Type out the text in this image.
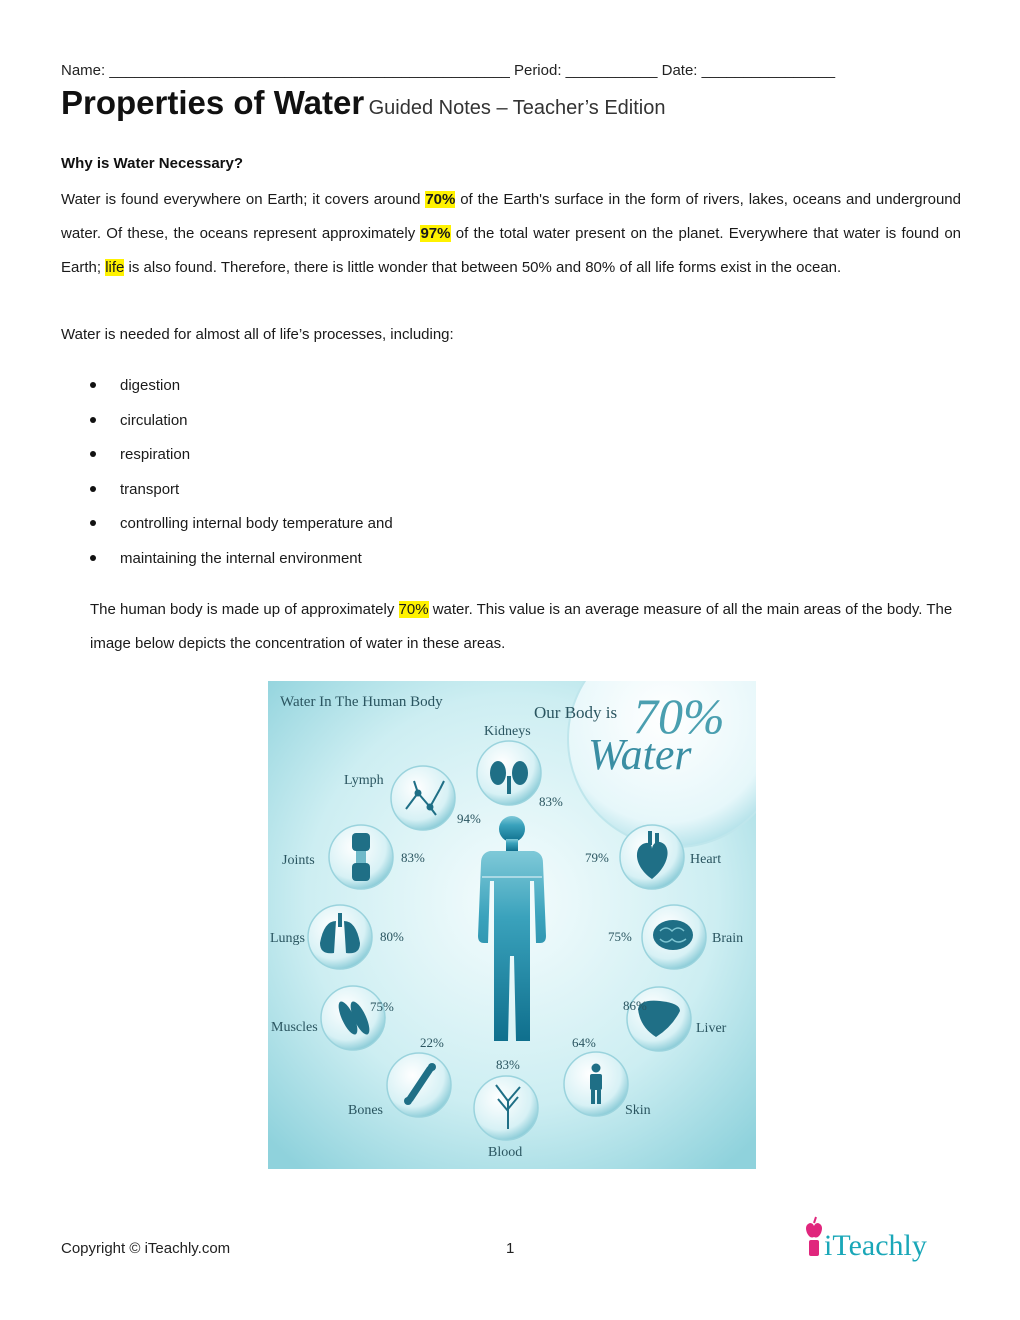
Name: ________________________________________________ Period: ___________ Date: ________________
Properties of Water Guided Notes – Teacher’s Edition
Why is Water Necessary?
Water is found everywhere on Earth; it covers around 70% of the Earth's surface in the form of rivers, lakes, oceans and underground water. Of these, the oceans represent approximately 97% of the total water present on the planet. Everywhere that water is found on Earth; life is also found. Therefore, there is little wonder that between 50% and 80% of all life forms exist in the ocean.
Water is needed for almost all of life’s processes, including:
digestion
circulation
respiration
transport
controlling internal body temperature and
maintaining the internal environment
The human body is made up of approximately 70% water. This value is an average measure of all the main areas of the body. The image below depicts the concentration of water in these areas.
Water In The Human Body
Our Body is 70%
Water
Kidneys
83%
Lymph
94%
Joints	83%
Lungs	80%
Muscles
75%
Bones
22%
Blood
83%
Skin
64%
Liver
86%
Brain
75%
Heart
79%
Copyright © iTeachly.com	1	iTeachly
